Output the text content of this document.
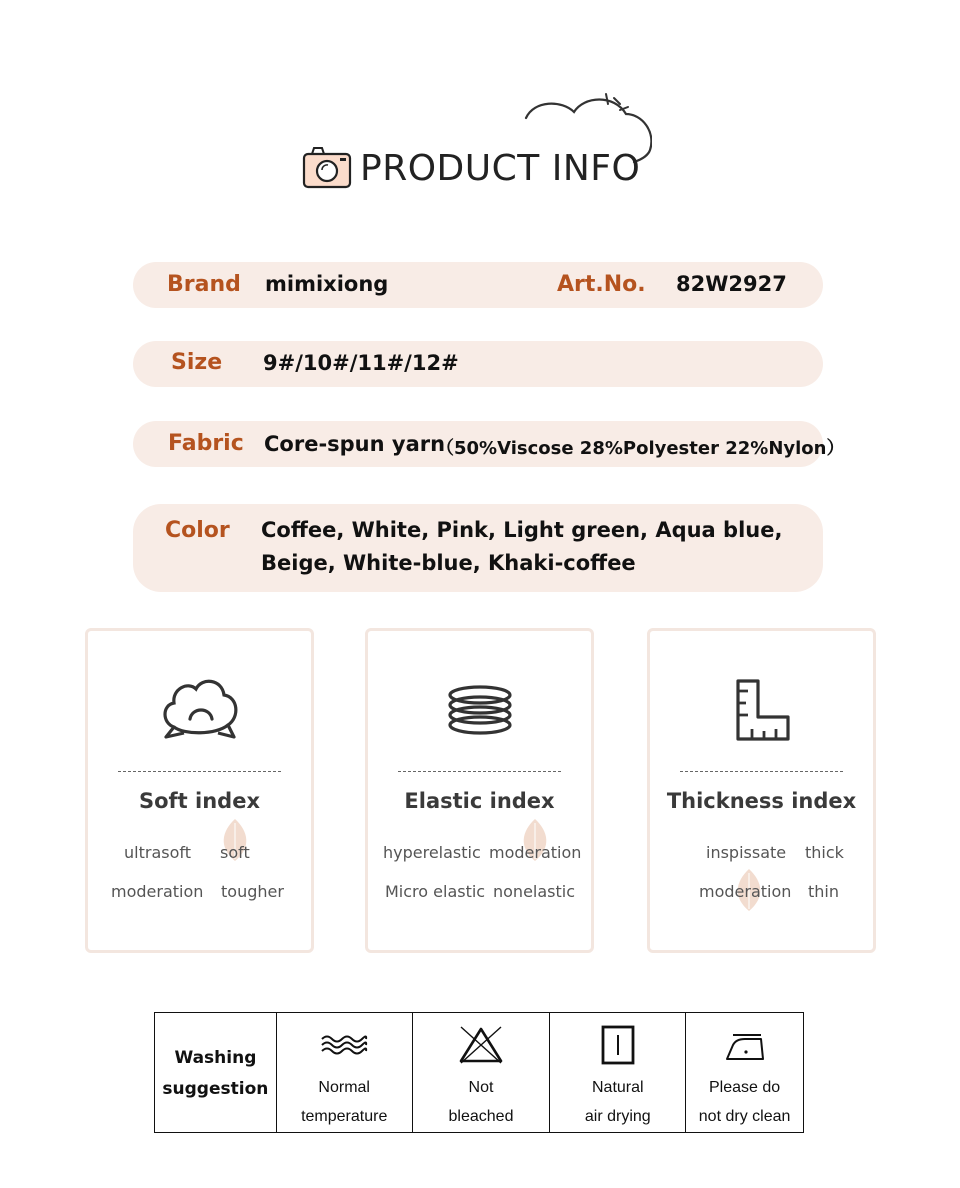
PRODUCT INFO
Brand mimixiong	Art.No. 82W2927
Size 9#/10#/11#/12#
Fabric Core-spun yarn
（50%Viscose 28%Polyester 22%Nylon）
Color Coffee, White, Pink, Light green, Aqua blue,
Beige, White-blue, Khaki-coffee
Soft index
ultrasoft soft
moderation tougher
Elastic index
hyperelastic moderation
Micro elastic nonelastic
Thickness index
inspissate thick
moderation thin
Washing
suggestion	Normal
temperature
Not
bleached
Natural
air drying
Please do
not dry clean
